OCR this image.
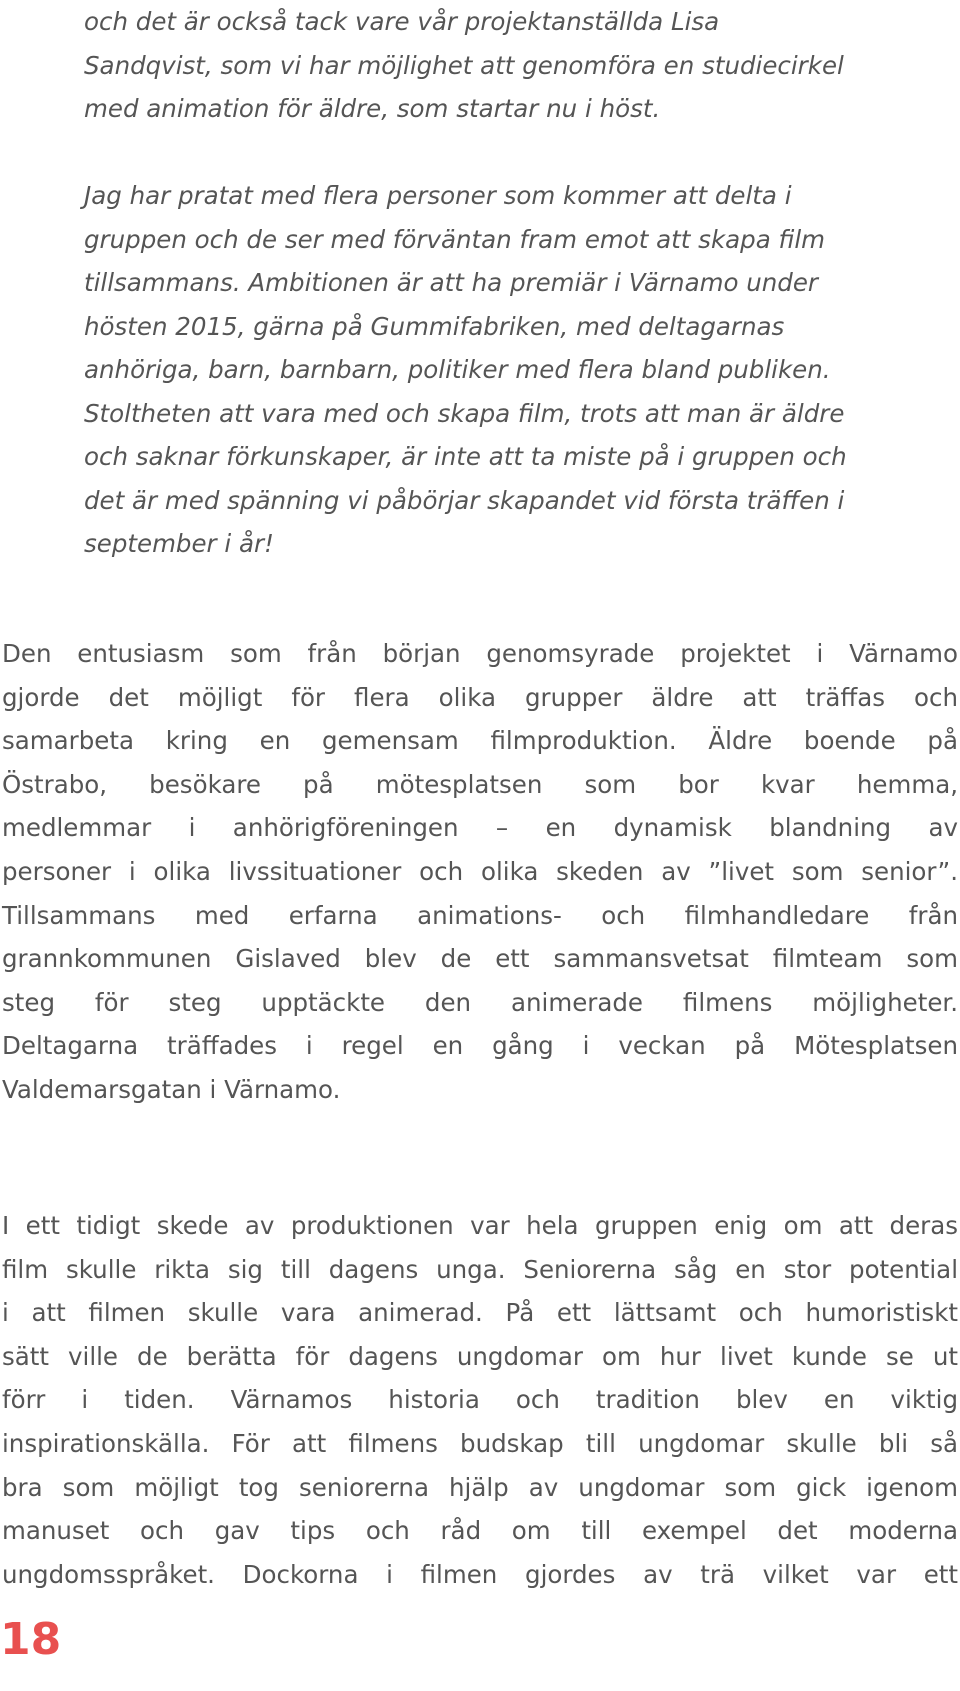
och det är också tack vare vår projektanställda Lisa
Sandqvist, som vi har möjlighet att genomföra en studiecirkel
med animation för äldre, som startar nu i höst.

Jag har pratat med flera personer som kommer att delta i
gruppen och de ser med förväntan fram emot att skapa film
tillsammans. Ambitionen är att ha premiär i Värnamo under
hösten 2015, gärna på Gummifabriken, med deltagarnas
anhöriga, barn, barnbarn, politiker med flera bland publiken.
Stoltheten att vara med och skapa film, trots att man är äldre
och saknar förkunskaper, är inte att ta miste på i gruppen och
det är med spänning vi påbörjar skapandet vid första träffen i
september i år!
Den entusiasm som från början genomsyrade projektet i Värnamo
gjorde det möjligt för flera olika grupper äldre att träffas och
samarbeta kring en gemensam filmproduktion. Äldre boende på
Östrabo, besökare på mötesplatsen som bor kvar hemma,
medlemmar i anhörigföreningen – en dynamisk blandning av
personer i olika livssituationer och olika skeden av ”livet som senior”.
Tillsammans med erfarna animations- och filmhandledare från
grannkommunen Gislaved blev de ett sammansvetsat filmteam som
steg för steg upptäckte den animerade filmens möjligheter.
Deltagarna träffades i regel en gång i veckan på Mötesplatsen
Valdemarsgatan i Värnamo.
I ett tidigt skede av produktionen var hela gruppen enig om att deras
film skulle rikta sig till dagens unga. Seniorerna såg en stor potential
i att filmen skulle vara animerad. På ett lättsamt och humoristiskt
sätt ville de berätta för dagens ungdomar om hur livet kunde se ut
förr i tiden. Värnamos historia och tradition blev en viktig
inspirationskälla. För att filmens budskap till ungdomar skulle bli så
bra som möjligt tog seniorerna hjälp av ungdomar som gick igenom
manuset och gav tips och råd om till exempel det moderna
ungdomsspråket. Dockorna i filmen gjordes av trä vilket var ett
18
